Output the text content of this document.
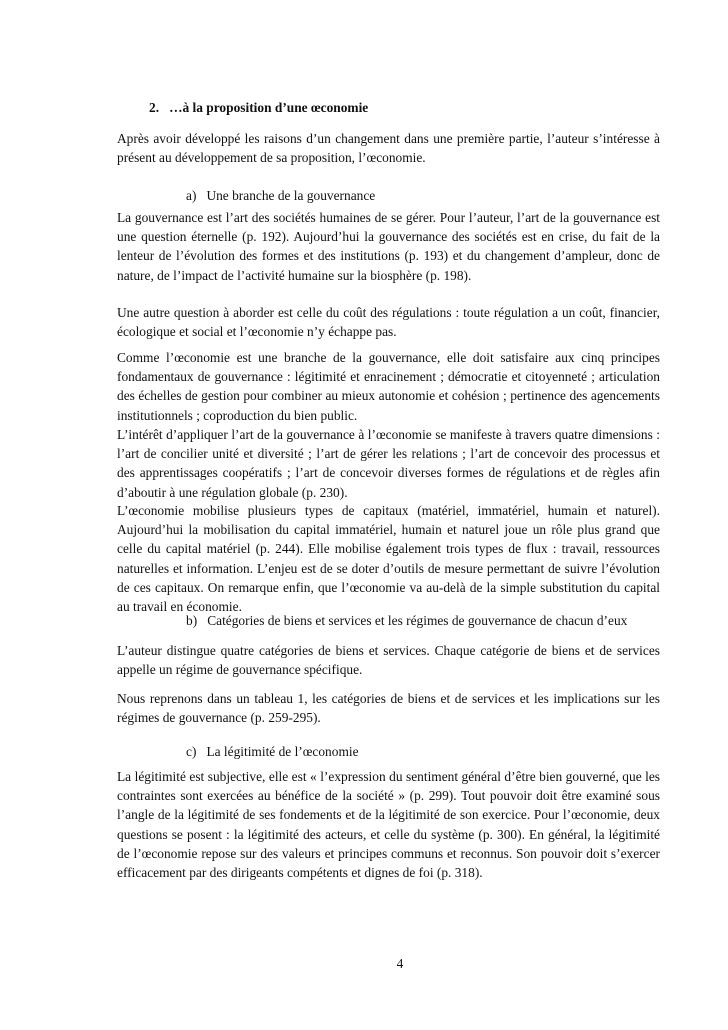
2.   …à la proposition d’une œconomie

Après avoir développé les raisons d’un changement dans une première partie, l’auteur s’intéresse à présent au développement de sa proposition, l’œconomie.

a)   Une branche de la gouvernance

La gouvernance est l’art des sociétés humaines de se gérer. Pour l’auteur, l’art de la gouvernance est une question éternelle (p. 192). Aujourd’hui la gouvernance des sociétés est en crise, du fait de la lenteur de l’évolution des formes et des institutions (p. 193) et du changement d’ampleur, donc de nature, de l’impact de l’activité humaine sur la biosphère (p. 198).

Une autre question à aborder est celle du coût des régulations : toute régulation a un coût, financier, écologique et social et l’œconomie n’y échappe pas.

Comme l’œconomie est une branche de la gouvernance, elle doit satisfaire aux cinq principes fondamentaux de gouvernance : légitimité et enracinement ; démocratie et citoyenneté ; articulation des échelles de gestion pour combiner au mieux autonomie et cohésion ; pertinence des agencements institutionnels ; coproduction du bien public.

L’intérêt d’appliquer l’art de la gouvernance à l’œconomie se manifeste à travers quatre dimensions : l’art de concilier unité et diversité ; l’art de gérer les relations ; l’art de concevoir des processus et des apprentissages coopératifs ; l’art de concevoir diverses formes de régulations et de règles afin d’aboutir à une régulation globale (p. 230).

L’œconomie mobilise plusieurs types de capitaux (matériel, immatériel, humain et naturel). Aujourd’hui la mobilisation du capital immatériel, humain et naturel joue un rôle plus grand que celle du capital matériel (p. 244). Elle mobilise également trois types de flux : travail, ressources naturelles et information. L’enjeu est de se doter d’outils de mesure permettant de suivre l’évolution de ces capitaux. On remarque enfin, que l’œconomie va au-delà de la simple substitution du capital au travail en économie.

b)   Catégories de biens et services et les régimes de gouvernance de chacun d’eux

L’auteur distingue quatre catégories de biens et services. Chaque catégorie de biens et de services appelle un régime de gouvernance spécifique.

Nous reprenons dans un tableau 1, les catégories de biens et de services et les implications sur les régimes de gouvernance (p. 259-295).

c)   La légitimité de l’œconomie

La légitimité est subjective, elle est « l’expression du sentiment général d’être bien gouverné, que les contraintes sont exercées au bénéfice de la société » (p. 299). Tout pouvoir doit être examiné sous l’angle de la légitimité de ses fondements et de la légitimité de son exercice. Pour l’œconomie, deux questions se posent : la légitimité des acteurs, et celle du système (p. 300). En général, la légitimité de l’œconomie repose sur des valeurs et principes communs et reconnus. Son pouvoir doit s’exercer efficacement par des dirigeants compétents et dignes de foi (p. 318).

4
